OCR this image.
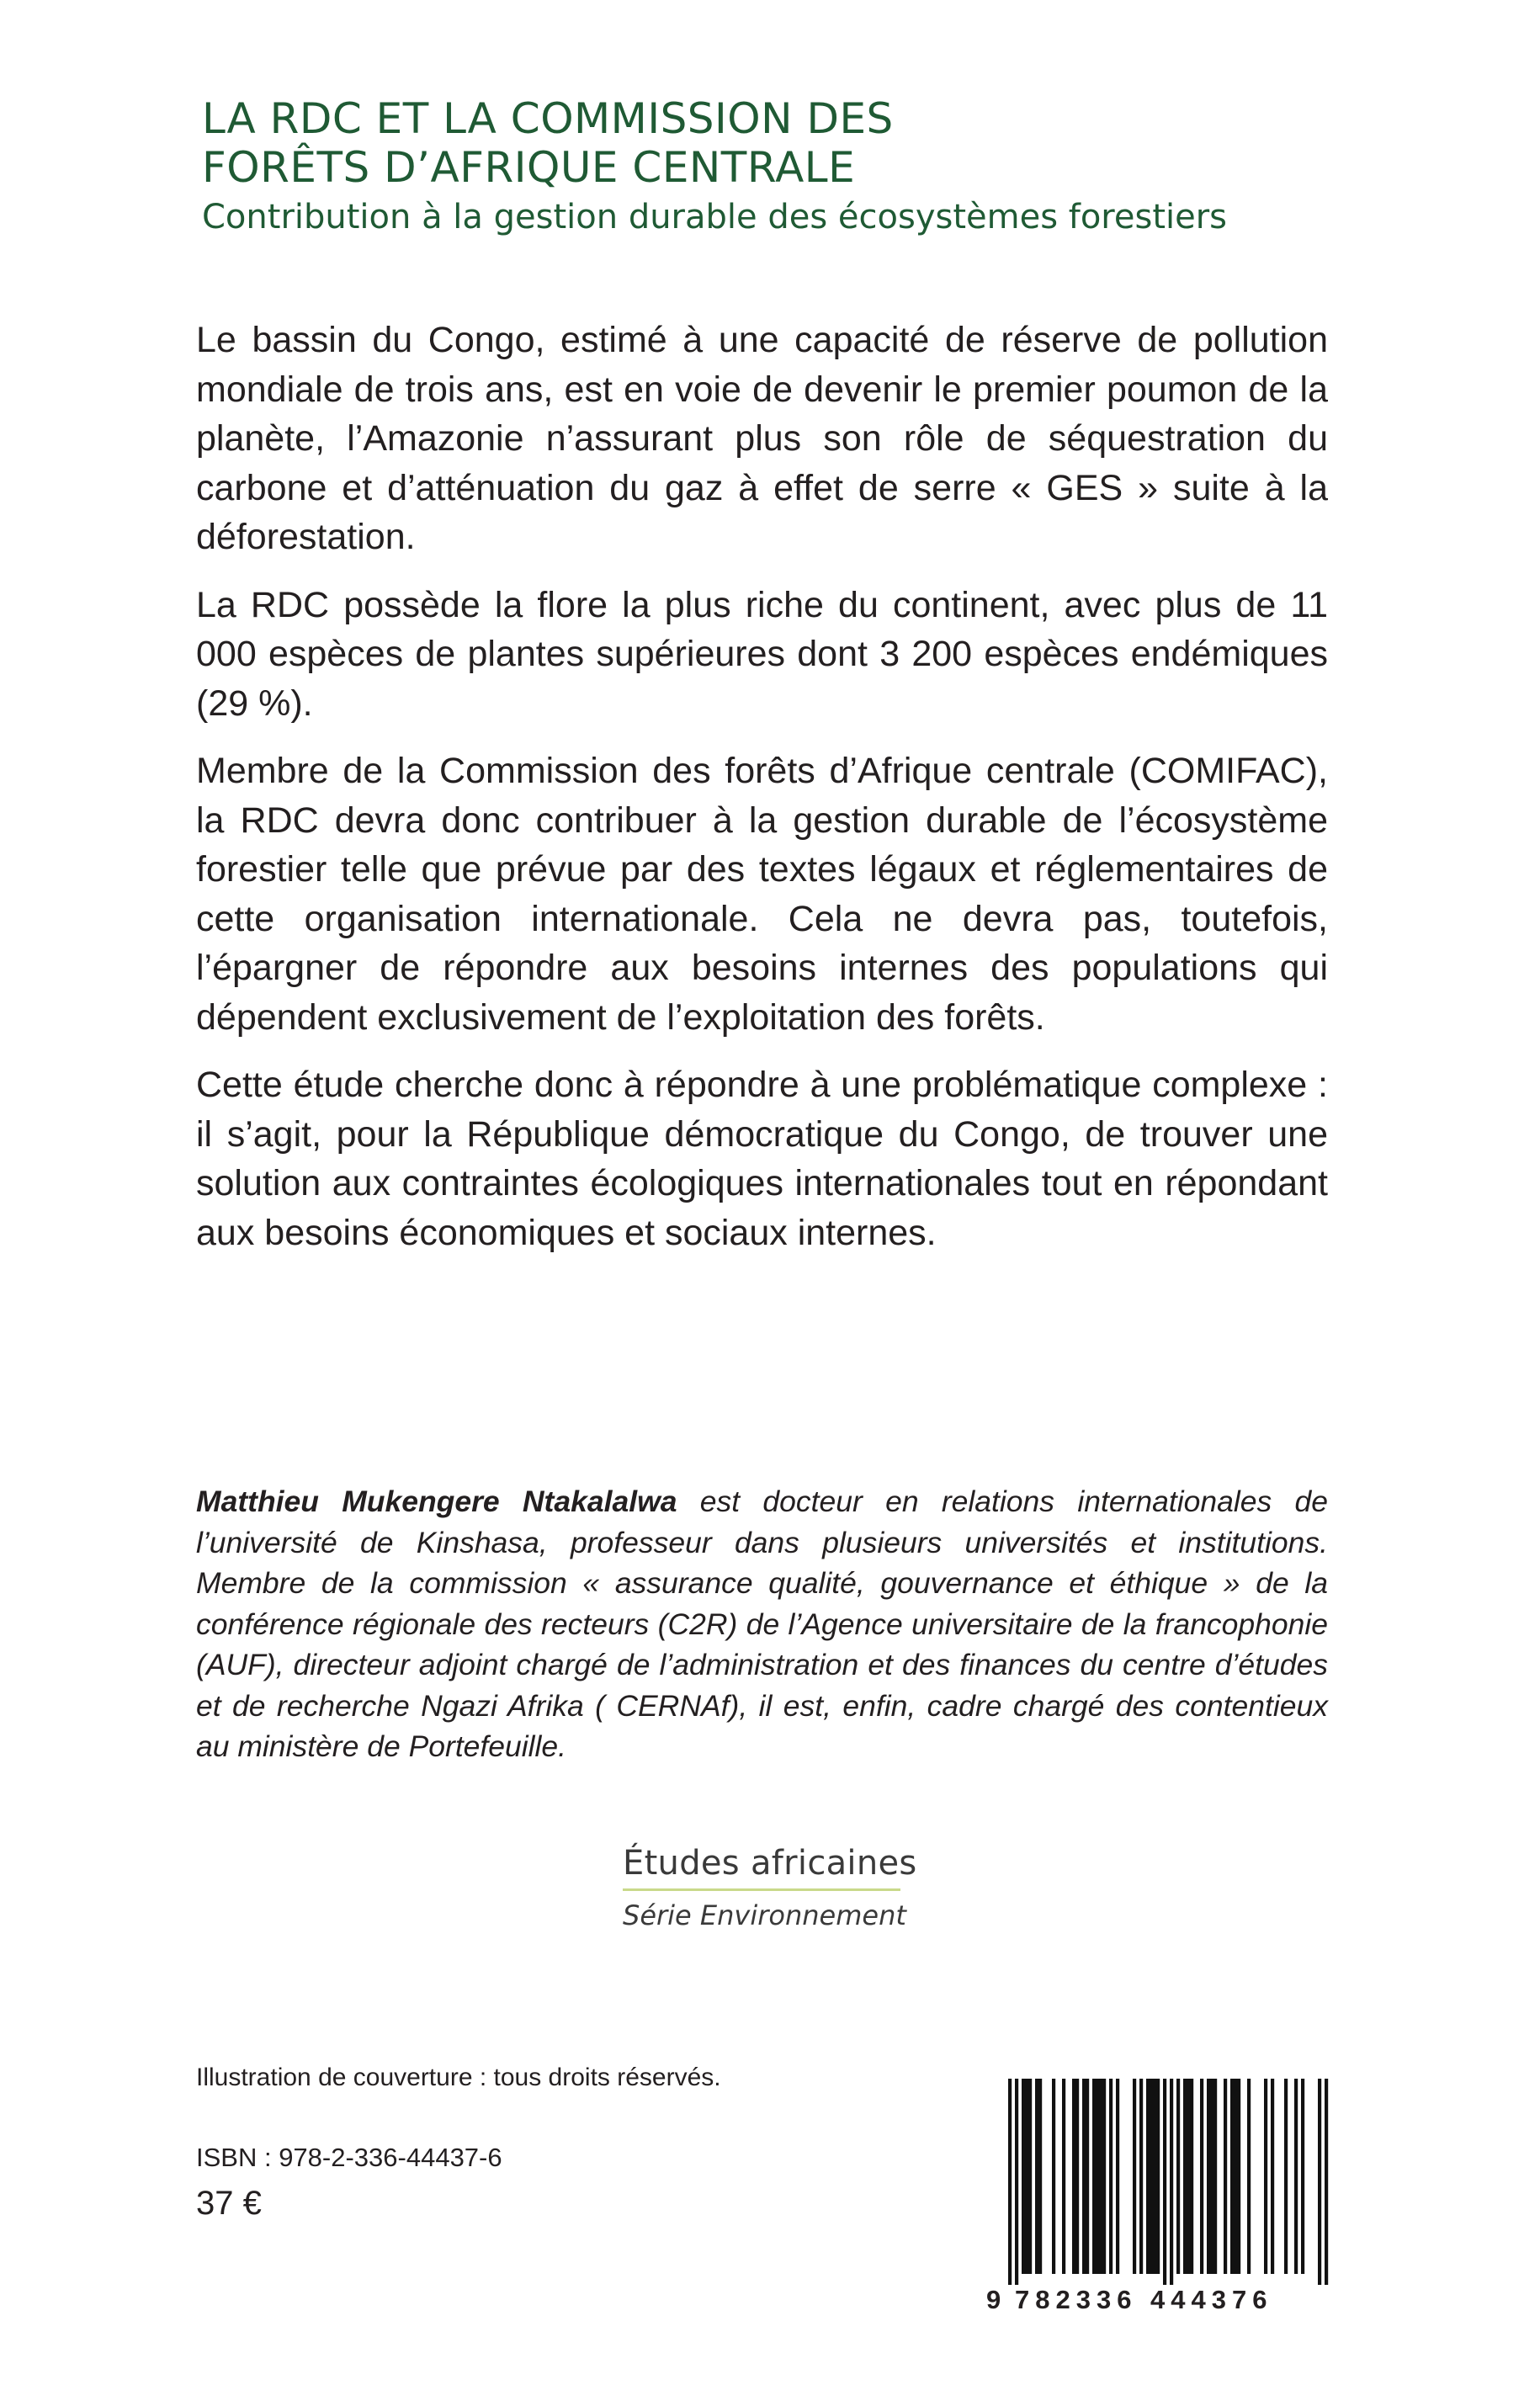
LA RDC ET LA COMMISSION DES
FORÊTS D’AFRIQUE CENTRALE
Contribution à la gestion durable des écosystèmes forestiers

Le bassin du Congo, estimé à une capacité de réserve de pollution mondiale de trois ans, est en voie de devenir le premier poumon de la planète, l’Amazonie n’assurant plus son rôle de séquestration du carbone et d’atténuation du gaz à effet de serre « GES » suite à la déforestation.

La RDC possède la flore la plus riche du continent, avec plus de 11 000 espèces de plantes supérieures dont 3 200 espèces endémiques (29 %).

Membre de la Commission des forêts d’Afrique centrale (COMIFAC), la RDC devra donc contribuer à la gestion durable de l’écosystème forestier telle que prévue par des textes légaux et réglementaires de cette organisation internationale. Cela ne devra pas, toutefois, l’épargner de répondre aux besoins internes des populations qui dépendent exclusivement de l’exploitation des forêts.

Cette étude cherche donc à répondre à une problématique complexe : il s’agit, pour la République démocratique du Congo, de trouver une solution aux contraintes écologiques internationales tout en répondant aux besoins économiques et sociaux internes.

Matthieu Mukengere Ntakalalwa est docteur en relations internationales de l’université de Kinshasa, professeur dans plusieurs universités et institutions. Membre de la commission « assurance qualité, gouvernance et éthique » de la conférence régionale des recteurs (C2R) de l’Agence universitaire de la francophonie (AUF), directeur adjoint chargé de l’administration et des finances du centre d’études et de recherche Ngazi Afrika ( CERNAf), il est, enfin, cadre chargé des contentieux au ministère de Portefeuille.

Études africaines
Série Environnement
Illustration de couverture : tous droits réservés.
ISBN : 978-2-336-44437-6
37 €
9 782336 444376
